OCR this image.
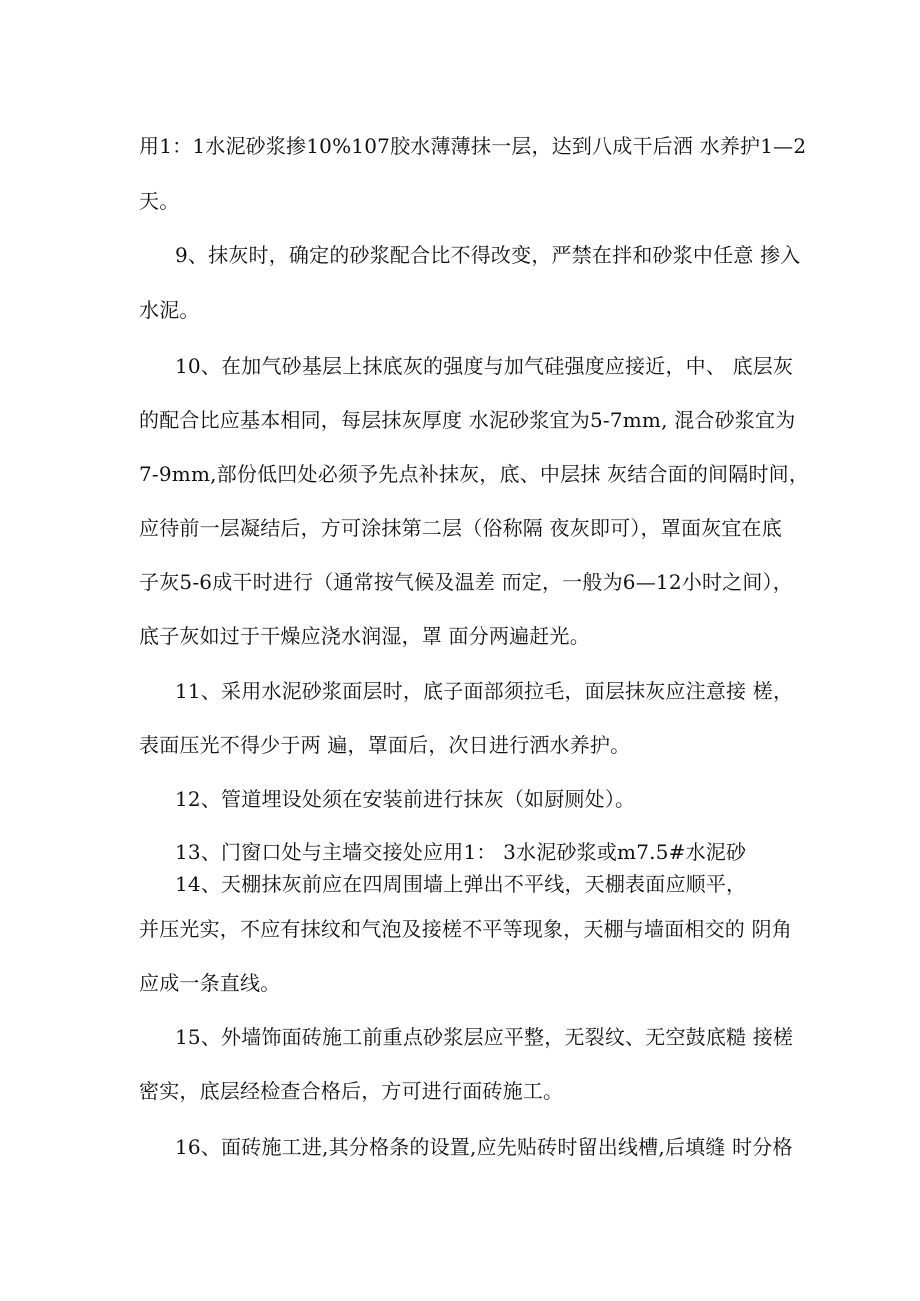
用1：1水泥砂浆掺10%107胶水薄薄抹一层，达到八成干后洒 水养护1—2
天。
9、抹灰时，确定的砂浆配合比不得改变，严禁在拌和砂浆中任意 掺入
水泥。
10、在加气砂基层上抹底灰的强度与加气硅强度应接近，中、 底层灰
的配合比应基本相同，每层抹灰厚度 水泥砂浆宜为5-7mm, 混合砂浆宜为
7-9mm,部份低凹处必须予先点补抹灰，底、中层抹 灰结合面的间隔时间，
应待前一层凝结后，方可涂抹第二层（俗称隔 夜灰即可），罩面灰宜在底
子灰5-6成干时进行（通常按气候及温差 而定，一般为6—12小时之间），
底子灰如过于干燥应浇水润湿，罩 面分两遍赶光。
11、采用水泥砂浆面层时，底子面部须拉毛，面层抹灰应注意接 槎，
表面压光不得少于两 遍，罩面后，次日进行洒水养护。
12、管道埋设处须在安装前进行抹灰（如厨厕处）。
13、门窗口处与主墙交接处应用1： 3水泥砂浆或m7.5#水泥砂
14、天棚抹灰前应在四周围墙上弹出不平线，天棚表面应顺平，
并压光实，不应有抹纹和气泡及接槎不平等现象，天棚与墙面相交的 阴角
应成一条直线。
15、外墙饰面砖施工前重点砂浆层应平整，无裂纹、无空鼓底糙 接槎
密实，底层经检查合格后，方可进行面砖施工。
16、面砖施工进,其分格条的设置,应先贴砖时留出线槽,后填缝 时分格
